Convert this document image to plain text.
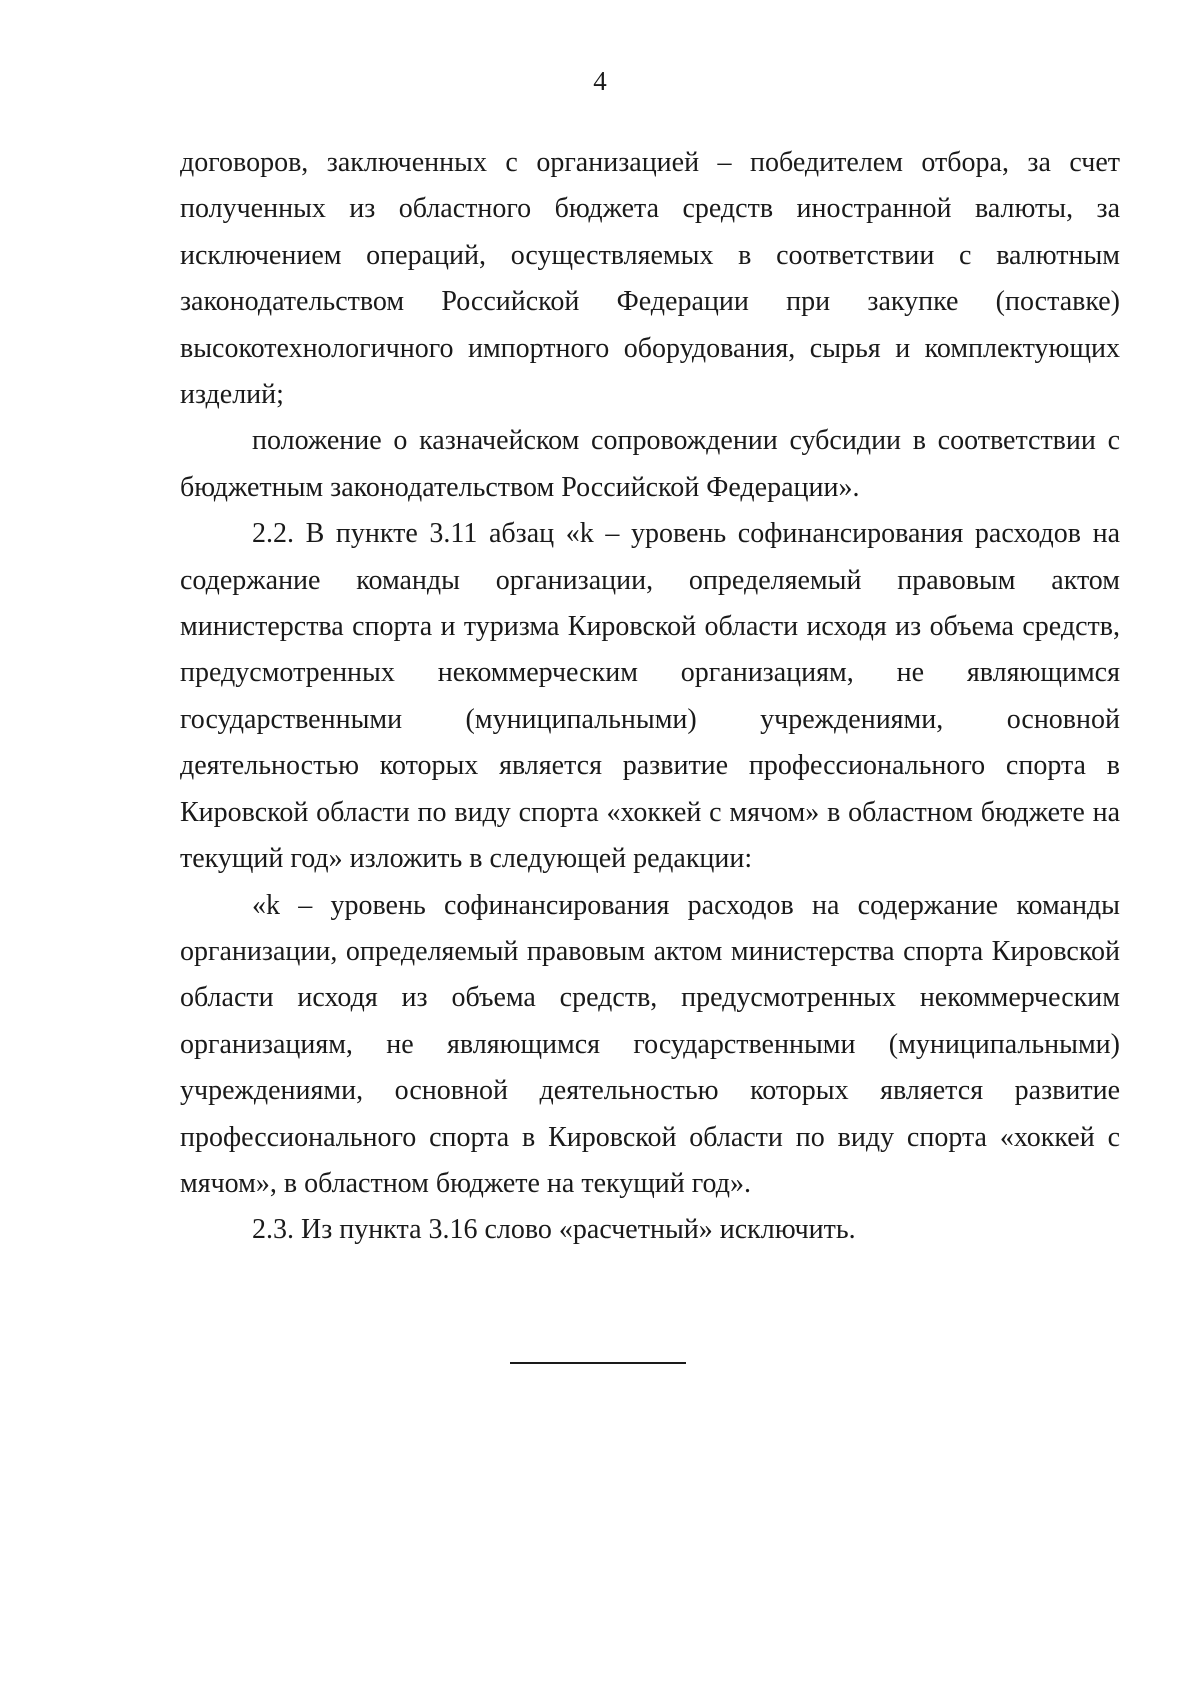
4

договоров, заключенных с организацией – победителем отбора, за счет полученных из областного бюджета средств иностранной валюты, за исключением операций, осуществляемых в соответствии с валютным законодательством Российской Федерации при закупке (поставке) высокотехнологичного импортного оборудования, сырья и комплектующих изделий;

положение о казначейском сопровождении субсидии в соответствии с бюджетным законодательством Российской Федерации».

2.2. В пункте 3.11 абзац «k – уровень софинансирования расходов на содержание команды организации, определяемый правовым актом министерства спорта и туризма Кировской области исходя из объема средств, предусмотренных некоммерческим организациям, не являющимся государственными (муниципальными) учреждениями, основной деятельностью которых является развитие профессионального спорта в Кировской области по виду спорта «хоккей с мячом» в областном бюджете на текущий год» изложить в следующей редакции:

«k – уровень софинансирования расходов на содержание команды организации, определяемый правовым актом министерства спорта Кировской области исходя из объема средств, предусмотренных некоммерческим организациям, не являющимся государственными (муниципальными) учреждениями, основной деятельностью которых является развитие профессионального спорта в Кировской области по виду спорта «хоккей с мячом», в областном бюджете на текущий год».

2.3. Из пункта 3.16 слово «расчетный» исключить.
